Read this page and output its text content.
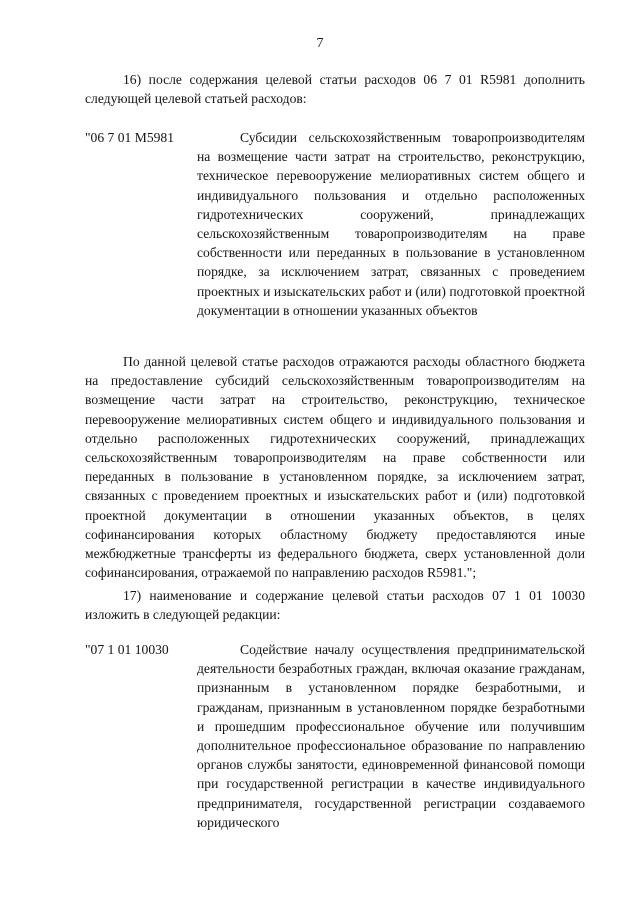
7

16) после содержания целевой статьи расходов 06 7 01 R5981 дополнить следующей целевой статьей расходов:

"06 7 01 M5981	Субсидии сельскохозяйственным товаропроизводителям на возмещение части затрат на строительство, реконструкцию, техническое перевооружение мелиоративных систем общего и индивидуального пользования и отдельно расположенных гидротехнических сооружений, принадлежащих сельскохозяйственным товаропроизводителям на праве собственности или переданных в пользование в установленном порядке, за исключением затрат, связанных с проведением проектных и изыскательских работ и (или) подготовкой проектной документации в отношении указанных объектов

По данной целевой статье расходов отражаются расходы областного бюджета на предоставление субсидий сельскохозяйственным товаропроизводителям на возмещение части затрат на строительство, реконструкцию, техническое перевооружение мелиоративных систем общего и индивидуального пользования и отдельно расположенных гидротехнических сооружений, принадлежащих сельскохозяйственным товаропроизводителям на праве собственности или переданных в пользование в установленном порядке, за исключением затрат, связанных с проведением проектных и изыскательских работ и (или) подготовкой проектной документации в отношении указанных объектов, в целях софинансирования которых областному бюджету предоставляются иные межбюджетные трансферты из федерального бюджета, сверх установленной доли софинансирования, отражаемой по направлению расходов R5981.";

17) наименование и содержание целевой статьи расходов 07 1 01 10030 изложить в следующей редакции:

"07 1 01 10030	Содействие началу осуществления предпринимательской деятельности безработных граждан, включая оказание гражданам, признанным в установленном порядке безработными, и гражданам, признанным в установленном порядке безработными и прошедшим профессиональное обучение или получившим дополнительное профессиональное образование по направлению органов службы занятости, единовременной финансовой помощи при государственной регистрации в качестве индивидуального предпринимателя, государственной регистрации создаваемого юридического
